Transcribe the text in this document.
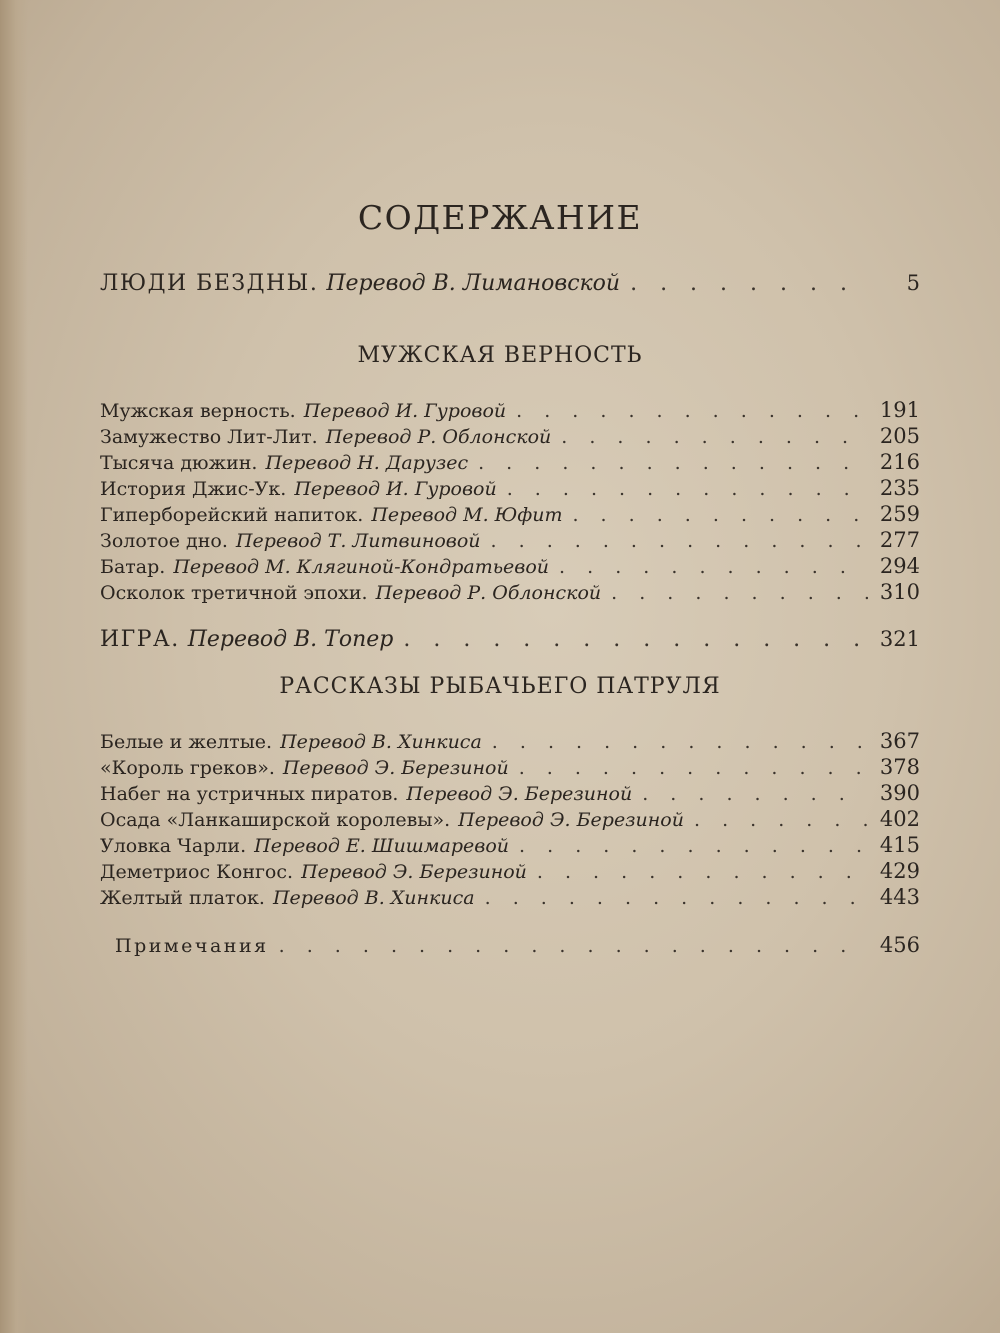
СОДЕРЖАНИЕ
ЛЮДИ БЕЗДНЫ. Перевод В. Лимановской . . .	5
МУЖСКАЯ ВЕРНОСТЬ
Мужская верность. Перевод И. Гуровой . . .	191
Замужество Лит-Лит. Перевод Р. Облонской . . .	205
Тысяча дюжин. Перевод Н. Дарузес . . .	216
История Джис-Ук. Перевод И. Гуровой . . .	235
Гиперборейский напиток. Перевод М. Юфит . . .	259
Золотое дно. Перевод Т. Литвиновой . . .	277
Батар. Перевод М. Клягиной-Кондратьевой . . .	294
Осколок третичной эпохи. Перевод Р. Облонской . . .	310
ИГРА. Перевод В. Топер . . .	321
РАССКАЗЫ РЫБАЧЬЕГО ПАТРУЛЯ
Белые и желтые. Перевод В. Хинкиса . . .	367
«Король греков». Перевод Э. Березиной . . .	378
Набег на устричных пиратов. Перевод Э. Березиной . . .	390
Осада «Ланкаширской королевы». Перевод Э. Березиной . . .	402
Уловка Чарли. Перевод Е. Шишмаревой . . .	415
Деметриос Конгос. Перевод Э. Березиной . . .	429
Желтый платок. Перевод В. Хинкиса . . .	443
Примечания . . .	456
